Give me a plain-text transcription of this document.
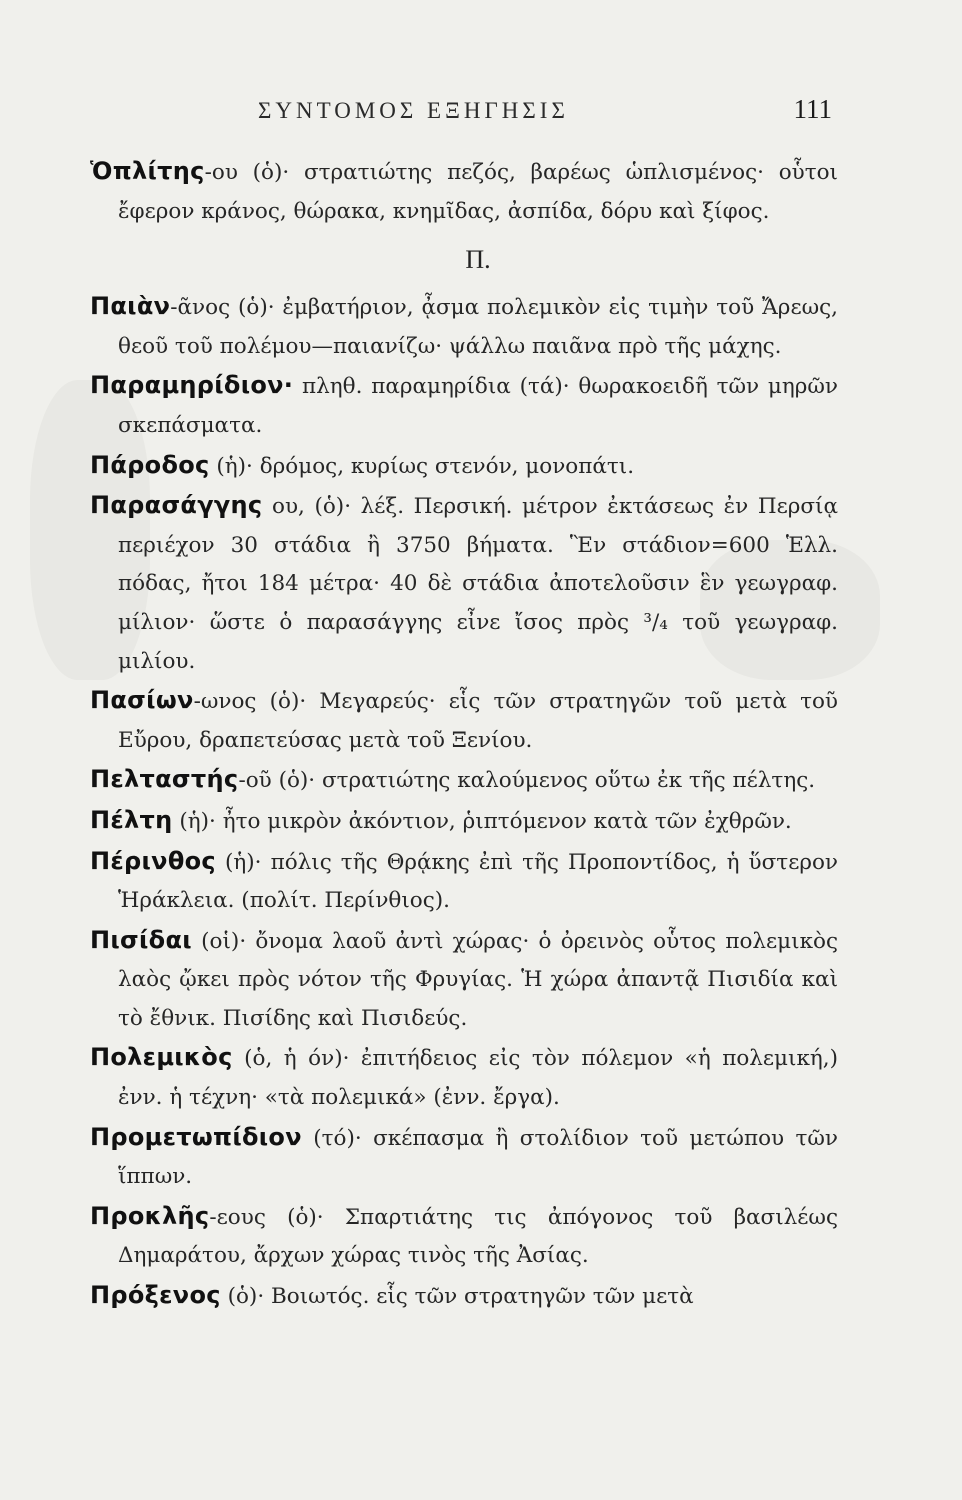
ΣΥΝΤΟΜΟΣ ΕΞΗΓΗΣΙΣ	111

Ὁπλίτης-ου (ὁ)· στρατιώτης πεζός, βαρέως ὡπλισμένος· οὗτοι ἔφερον κράνος, θώρακα, κνημῖδας, ἀσπίδα, δόρυ καὶ ξίφος.

Π.

Παιὰν-ᾶνος (ὁ)· ἐμβατήριον, ᾆσμα πολεμικὸν εἰς τιμὴν τοῦ Ἄρεως, θεοῦ τοῦ πολέμου—παιανίζω· ψάλλω παιᾶνα πρὸ τῆς μάχης.

Παραμηρίδιον· πληθ. παραμηρίδια (τά)· θωρακοειδῆ τῶν μηρῶν σκεπάσματα.

Πάροδος (ἡ)· δρόμος, κυρίως στενόν, μονοπάτι.

Παρασάγγης ου, (ὁ)· λέξ. Περσική. μέτρον ἐκτάσεως ἐν Περσίᾳ περιέχον 30 στάδια ἢ 3750 βήματα. Ἓν στάδιον=600 Ἑλλ. πόδας, ἤτοι 184 μέτρα· 40 δὲ στάδια ἀποτελοῦσιν ἓν γεωγραφ. μίλιον· ὥστε ὁ παρασάγγης εἶνε ἴσος πρὸς ³/₄ τοῦ γεωγραφ. μιλίου.

Πασίων-ωνος (ὁ)· Μεγαρεύς· εἷς τῶν στρατηγῶν τοῦ μετὰ τοῦ Εὔρου, δραπετεύσας μετὰ τοῦ Ξενίου.

Πελταστής-οῦ (ὁ)· στρατιώτης καλούμενος οὕτω ἐκ τῆς πέλτης.

Πέλτη (ἡ)· ἦτο μικρὸν ἀκόντιον, ῥιπτόμενον κατὰ τῶν ἐχθρῶν.

Πέρινθος (ἡ)· πόλις τῆς Θρᾴκης ἐπὶ τῆς Προποντίδος, ἡ ὕστερον Ἡράκλεια. (πολίτ. Περίνθιος).

Πισίδαι (οἱ)· ὄνομα λαοῦ ἀντὶ χώρας· ὁ ὀρεινὸς οὗτος πολεμικὸς λαὸς ᾤκει πρὸς νότον τῆς Φρυγίας. Ἡ χώρα ἀπαντᾷ Πισιδία καὶ τὸ ἔθνικ. Πισίδης καὶ Πισιδεύς.

Πολεμικὸς (ὁ, ἡ όν)· ἐπιτήδειος εἰς τὸν πόλεμον «ἡ πολεμική,) ἐνν. ἡ τέχνη· «τὰ πολεμικά» (ἐνν. ἔργα).

Προμετωπίδιον (τό)· σκέπασμα ἢ στολίδιον τοῦ μετώπου τῶν ἵππων.

Προκλῆς-εους (ὁ)· Σπαρτιάτης τις ἀπόγονος τοῦ βασιλέως Δημαράτου, ἄρχων χώρας τινὸς τῆς Ἀσίας.

Πρόξενος (ὁ)· Βοιωτός. εἷς τῶν στρατηγῶν τῶν μετὰ
